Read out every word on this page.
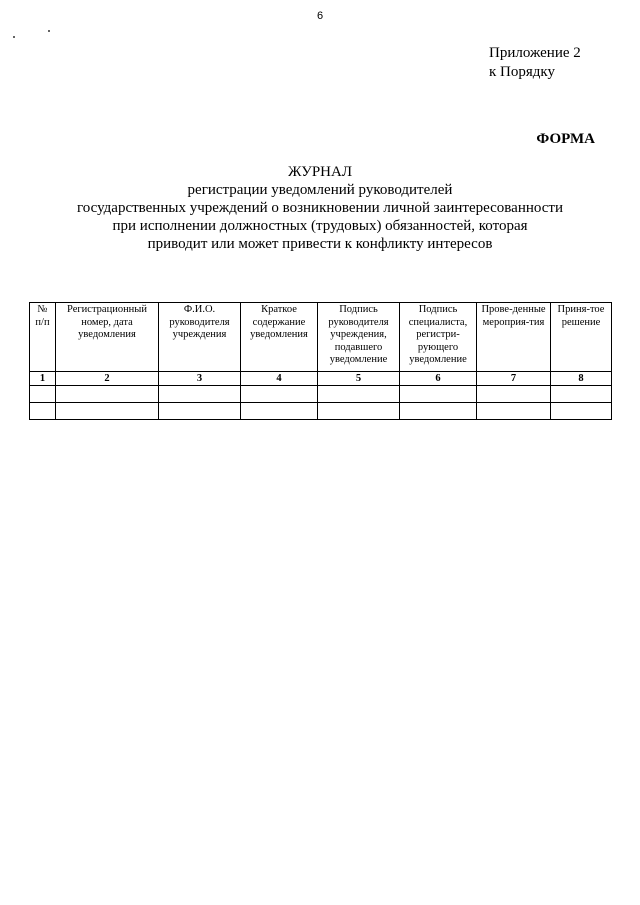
6
Приложение 2
к Порядку
ФОРМА
ЖУРНАЛ
регистрации уведомлений руководителей
государственных учреждений о возникновении личной заинтересованности
при исполнении должностных (трудовых) обязанностей, которая
приводит или может привести к конфликту интересов
№ п/п	Регистрационный номер, дата уведомления	Ф.И.О. руководителя учреждения	Краткое содержание уведомления	Подпись руководителя учреждения, подавшего уведомление	Подпись специалиста, регистри-рующего уведомление	Прове-денные мероприя-тия	Приня-тое решение
1	2	3	4	5	6	7	8
